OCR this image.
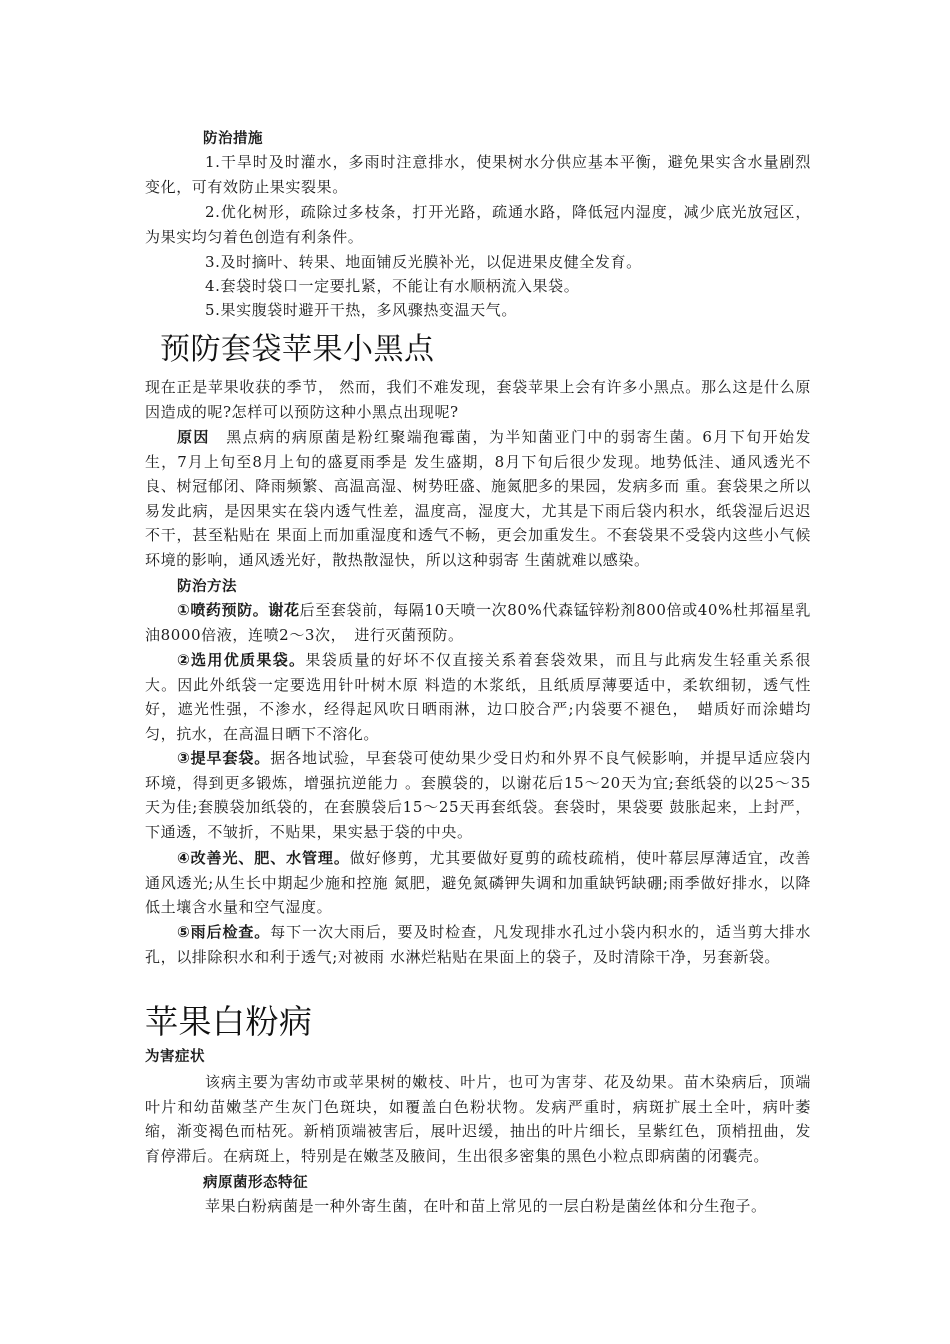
防治措施

1.干旱时及时灌水，多雨时注意排水，使果树水分供应基本平衡，避免果实含水量剧烈变化，可有效防止果实裂果。

2.优化树形，疏除过多枝条，打开光路，疏通水路，降低冠内湿度，减少底光放冠区，为果实均匀着色创造有利条件。

3.及时摘叶、转果、地面铺反光膜补光，以促进果皮健全发育。

4.套袋时袋口一定要扎紧，不能让有水顺柄流入果袋。

5.果实腹袋时避开干热，多风骤热变温天气。

预防套袋苹果小黑点

现在正是苹果收获的季节， 然而，我们不难发现，套袋苹果上会有许多小黑点。那么这是什么原因造成的呢?怎样可以预防这种小黑点出现呢?

原因　黑点病的病原菌是粉红聚端孢霉菌，为半知菌亚门中的弱寄生菌。6月下旬开始发生，7月上旬至8月上旬的盛夏雨季是 发生盛期，8月下旬后很少发现。地势低洼、通风透光不良、树冠郁闭、降雨频繁、高温高湿、树势旺盛、施氮肥多的果园，发病多而 重。套袋果之所以易发此病，是因果实在袋内透气性差，温度高，湿度大，尤其是下雨后袋内积水，纸袋湿后迟迟不干，甚至粘贴在 果面上而加重湿度和透气不畅，更会加重发生。不套袋果不受袋内这些小气候环境的影响，通风透光好，散热散湿快，所以这种弱寄 生菌就难以感染。

防治方法

①喷药预防。谢花后至套袋前，每隔10天喷一次80%代森锰锌粉剂800倍或40%杜邦福星乳油8000倍液，连喷2～3次，　进行灭菌预防。

②选用优质果袋。果袋质量的好坏不仅直接关系着套袋效果，而且与此病发生轻重关系很大。因此外纸袋一定要选用针叶树木原 料造的木浆纸，且纸质厚薄要适中，柔软细韧，透气性好，遮光性强，不渗水，经得起风吹日晒雨淋，边口胶合严;内袋要不褪色，　蜡质好而涂蜡均匀，抗水，在高温日晒下不溶化。

③提早套袋。据各地试验，早套袋可使幼果少受日灼和外界不良气候影响，并提早适应袋内环境，得到更多锻炼，增强抗逆能力 。套膜袋的，以谢花后15～20天为宜;套纸袋的以25～35天为佳;套膜袋加纸袋的，在套膜袋后15～25天再套纸袋。套袋时，果袋要 鼓胀起来，上封严，下通透，不皱折，不贴果，果实悬于袋的中央。

④改善光、肥、水管理。做好修剪，尤其要做好夏剪的疏枝疏梢，使叶幕层厚薄适宜，改善通风透光;从生长中期起少施和控施 氮肥，避免氮磷钾失调和加重缺钙缺硼;雨季做好排水，以降低土壤含水量和空气湿度。

⑤雨后检查。每下一次大雨后，要及时检查，凡发现排水孔过小袋内积水的，适当剪大排水孔，以排除积水和利于透气;对被雨 水淋烂粘贴在果面上的袋子，及时清除干净，另套新袋。

苹果白粉病

为害症状

该病主要为害幼市或苹果树的嫩枝、叶片，也可为害芽、花及幼果。苗木染病后，顶端叶片和幼苗嫩茎产生灰门色斑块，如覆盖白色粉状物。发病严重时，病斑扩展土全叶，病叶萎缩，渐变褐色而枯死。新梢顶端被害后，展叶迟缓，抽出的叶片细长，呈紫红色，顶梢扭曲，发育停滞后。在病斑上，特别是在嫩茎及腋间，生出很多密集的黑色小粒点即病菌的闭囊壳。

病原菌形态特征

苹果白粉病菌是一种外寄生菌，在叶和苗上常见的一层白粉是菌丝体和分生孢子。
